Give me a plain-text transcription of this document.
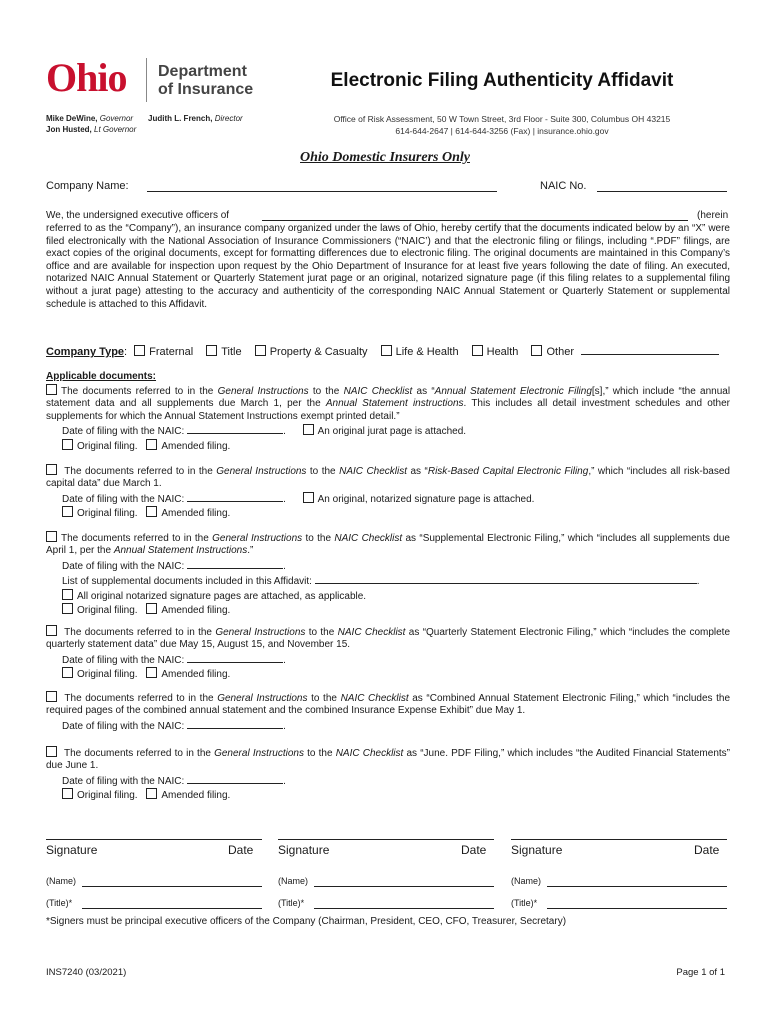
Ohio Department
of Insurance
Mike DeWine, Governor
Jon Husted, Lt Governor
Judith L. French, Director
Electronic Filing Authenticity Affidavit
Office of Risk Assessment, 50 W Town Street, 3rd Floor - Suite 300, Columbus OH 43215
614-644-2647 | 614-644-3256 (Fax) | insurance.ohio.gov
Ohio Domestic Insurers Only
Company Name:	NAIC No.
We, the undersigned executive officers of	(herein
referred to as the “Company”), an insurance company organized under the laws of Ohio, hereby certify that the documents indicated below by an “X” were filed electronically with the National Association of Insurance Commissioners (“NAIC’) and that the electronic filing or filings, including “.PDF” filings, are exact copies of the original documents, except for formatting differences due to electronic filing. The original documents are maintained in this Company’s office and are available for inspection upon request by the Ohio Department of Insurance for at least five years following the date of filing. An executed, notarized NAIC Annual Statement or Quarterly Statement jurat page or an original, notarized signature page (if this filing relates to a supplemental filing without a jurat page) attesting to the accuracy and authenticity of the corresponding NAIC Annual Statement or Quarterly Statement or supplemental schedule is attached to this Affidavit.
Company Type: Fraternal	Title	Property & Casualty	Life & Health	Health	Other
Applicable documents:

The documents referred to in the General Instructions to the NAIC Checklist as “Annual Statement Electronic Filing[s],” which include “the annual statement data and all supplements due March 1, per the Annual Statement instructions. This includes all detail investment schedules and other supplements for which the Annual Statement Instructions exempt printed detail.”

Date of filing with the NAIC:	.	An original jurat page is attached.
Original filing. Amended filing.

The documents referred to in the General Instructions to the NAIC Checklist as “Risk-Based Capital Electronic Filing,” which “includes all risk-based capital data” due March 1.

Date of filing with the NAIC:	.	An original, notarized signature page is attached.
Original filing. Amended filing.

The documents referred to in the General Instructions to the NAIC Checklist as “Supplemental Electronic Filing,” which “includes all supplements due April 1, per the Annual Statement Instructions.”

Date of filing with the NAIC:	.
List of supplemental documents included in this Affidavit:	.
All original notarized signature pages are attached, as applicable.
Original filing. Amended filing.

The documents referred to in the General Instructions to the NAIC Checklist as “Quarterly Statement Electronic Filing,” which “includes the complete quarterly statement data” due May 15, August 15, and November 15.

Date of filing with the NAIC:	.
Original filing. Amended filing.

The documents referred to in the General Instructions to the NAIC Checklist as “Combined Annual Statement Electronic Filing,” which “includes the required pages of the combined annual statement and the combined Insurance Expense Exhibit” due May 1.

Date of filing with the NAIC:	.

The documents referred to in the General Instructions to the NAIC Checklist as “June. PDF Filing,” which includes “the Audited Financial Statements” due June 1.

Date of filing with the NAIC:	.
Original filing. Amended filing.
Signature	Date Signature	Date Signature	Date
(Name)	(Name)	(Name)
(Title)*	(Title)*	(Title)*
*Signers must be principal executive officers of the Company (Chairman, President, CEO, CFO, Treasurer, Secretary)
INS7240 (03/2021)	Page 1 of 1
